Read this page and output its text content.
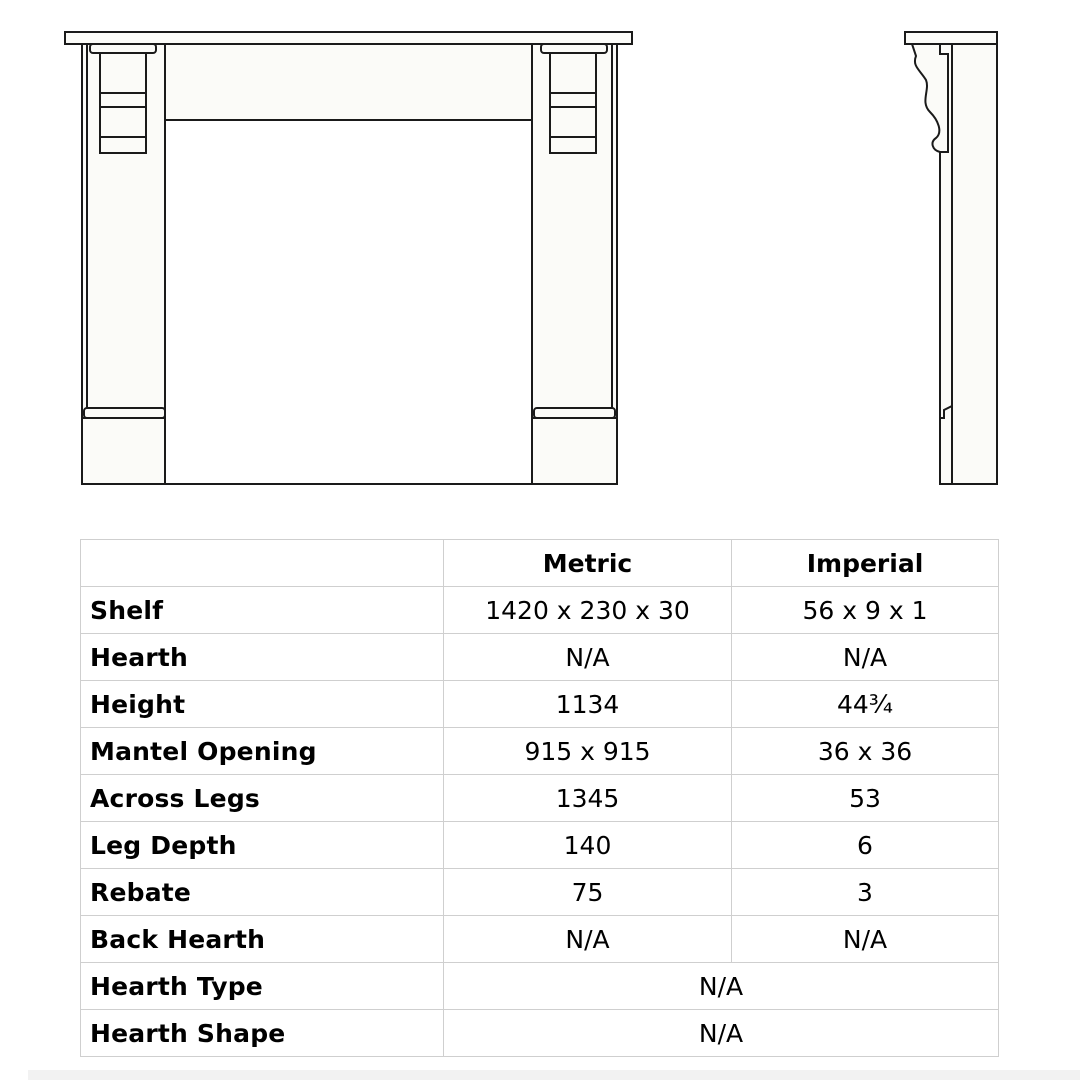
	Metric	Imperial
Shelf	1420 x 230 x 30	56 x 9 x 1
Hearth	N/A	N/A
Height	1134	44¾
Mantel Opening	915 x 915	36 x 36
Across Legs	1345	53
Leg Depth	140	6
Rebate	75	3
Back Hearth	N/A	N/A
Hearth Type	N/A	
Hearth Shape	N/A	
